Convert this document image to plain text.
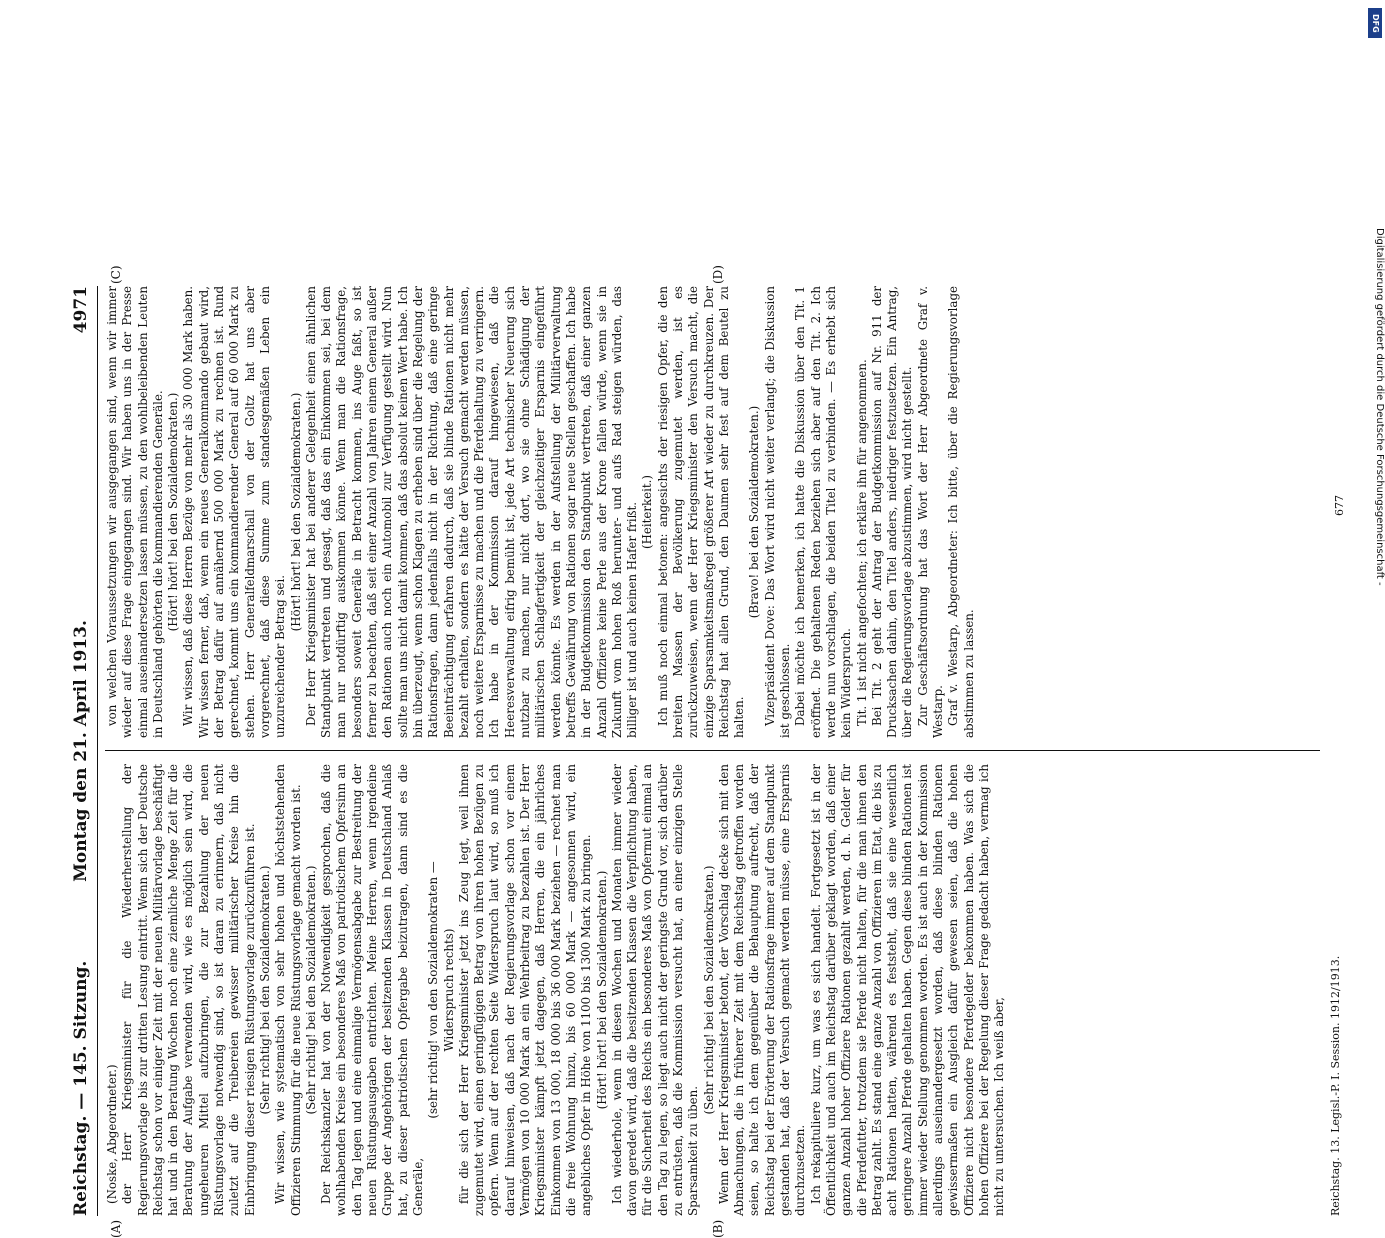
Reichstag. — 145. Sitzung.
Montag den 21. April 1913.
4971

(Noske, Abgeordneter.) der Herr Kriegsminister für die Wiederherstellung der Regierungsvorlage bis zur dritten Lesung eintritt. Wenn sich der Deutsche Reichstag schon vor einiger Zeit mit der neuen Militärvorlage beschäftigt hat und in den Beratung Wochen noch eine ziemliche Menge Zeit für die Beratung der Aufgabe verwenden wird, wie es möglich sein wird, die ungeheuren Mittel aufzubringen, die zur Bezahlung der neuen Rüstungsvorlage notwendig sind, so ist daran zu erinnern, daß nicht zuletzt auf die Treibereien gewisser militärischer Kreise hin die Einbringung dieser riesigen Rüstungsvorlage zurückzuführen ist. (Sehr richtig! bei den Sozialdemokraten.) Wir wissen, wie systematisch von sehr hohen und höchststehenden Offizieren Stimmung für die neue Rüstungsvorlage gemacht worden ist. (Sehr richtig! bei den Sozialdemokraten.) Der Reichskanzler hat von der Notwendigkeit gesprochen, daß die wohlhabenden Kreise ein besonderes Maß von patriotischem Opfersinn an den Tag legen und eine einmalige Vermögensabgabe zur Bestreitung der neuen Rüstungsausgaben entrichten. Meine Herren, wenn irgendeine Gruppe der Angehörigen der besitzenden Klassen in Deutschland Anlaß hat, zu dieser patriotischen Opfergabe beizutragen, dann sind es die Generäle,

(sehr richtig! von den Sozialdemokraten — Widerspruch rechts) für die sich der Herr Kriegsminister jetzt ins Zeug legt, weil ihnen zugemutet wird, einen geringfügigen Betrag von ihren hohen Bezügen zu opfern. Wenn auf der rechten Seite Widerspruch laut wird, so muß ich darauf hinweisen, daß nach der Regierungsvorlage schon vor einem Vermögen von 10 000 Mark an ein Wehrbeitrag zu bezahlen ist. Der Herr Kriegsminister kämpft jetzt dagegen, daß Herren, die ein jährliches Einkommen von 13 000, 18 000 bis 36 000 Mark beziehen — rechnet man die freie Wohnung hinzu, bis 60 000 Mark — angesonnen wird, ein angebliches Opfer in Höhe von 1100 bis 1300 Mark zu bringen. (Hört! hört! bei den Sozialdemokraten.) Ich wiederhole, wenn in diesen Wochen und Monaten immer wieder davon geredet wird, daß die besitzenden Klassen die Verpflichtung haben, für die Sicherheit des Reichs ein besonderes Maß von Opfermut einmal an den Tag zu legen, so liegt auch nicht der geringste Grund vor, sich darüber zu entrüsten, daß die Kommission versucht hat, an einer einzigen Stelle Sparsamkeit zu üben.

(Sehr richtig! bei den Sozialdemokraten.) Wenn der Herr Kriegsminister betont, der Vorschlag decke sich mit den Abmachungen, die in früherer Zeit mit dem Reichstag getroffen worden seien, so halte ich dem gegenüber die Behauptung aufrecht, daß der Reichstag bei der Erörterung der Rationsfrage immer auf dem Standpunkt gestanden hat, daß der Versuch gemacht werden müsse, eine Ersparnis durchzusetzen. Ich rekapituliere kurz, um was es sich handelt. Fortgesetzt ist in der Öffentlichkeit und auch im Reichstag darüber geklagt worden, daß einer ganzen Anzahl hoher Offiziere Rationen gezahlt werden, d. h. Gelder für die Pferdefutter, trotzdem sie Pferde nicht halten, für die man ihnen den Betrag zahlt. Es stand eine ganze Anzahl von Offizieren im Etat, die bis zu acht Rationen hatten, während es feststeht, daß sie eine wesentlich geringere Anzahl Pferde gehalten haben. Gegen diese blinden Rationen ist immer wieder Stellung genommen worden. Es ist auch in der Kommission allerdings auseinandergesetzt worden, daß diese blinden Rationen gewissermaßen ein Ausgleich dafür gewesen seien, daß die hohen Offiziere nicht besondere Pferdegelder bekommen haben. Was sich die hohen Offiziere bei der Regelung dieser Frage gedacht haben, vermag ich nicht zu untersuchen. Ich weiß aber,

von welchen Voraussetzungen wir ausgegangen sind, wenn wir immer wieder auf diese Frage eingegangen sind. Wir haben uns in der Presse einmal auseinandersetzen lassen müssen, zu den wohlbeleibenden Leuten in Deutschland gehörten die kommandierenden Generäle. (Hört! hört! bei den Sozialdemokraten.) Wir wissen, daß diese Herren Bezüge von mehr als 30 000 Mark haben. Wir wissen ferner, daß, wenn ein neues Generalkommando gebaut wird, der Betrag dafür auf annähernd 500 000 Mark zu rechnen ist. Rund gerechnet, kommt uns ein kommandierender General auf 60 000 Mark zu stehen. Herr Generalfeldmarschall von der Goltz hat uns aber vorgerechnet, daß diese Summe zum standesgemäßen Leben ein unzureichender Betrag sei.

(Hört! hört! bei den Sozialdemokraten.) Der Herr Kriegsminister hat bei anderer Gelegenheit einen ähnlichen Standpunkt vertreten und gesagt, daß das ein Einkommen sei, bei dem man nur notdürftig auskommen könne. Wenn man die Rationsfrage, besonders soweit Generäle in Betracht kommen, ins Auge faßt, so ist ferner zu beachten, daß seit einer Anzahl von Jahren einem General außer den Rationen auch noch ein Automobil zur Verfügung gestellt wird. Nun sollte man uns nicht damit kommen, daß das absolut keinen Wert habe. Ich bin überzeugt, wenn schon Klagen zu erheben sind über die Regelung der Rationsfragen, dann jedenfalls nicht in der Richtung, daß eine geringe Beeinträchtigung erfahren dadurch, daß sie blinde Rationen nicht mehr bezahlt erhalten, sondern es hätte der Versuch gemacht werden müssen, noch weitere Ersparnisse zu machen und die Pferdehaltung zu verringern. Ich habe in der Kommission darauf hingewiesen, daß die Heeresverwaltung eifrig bemüht ist, jede Art technischer Neuerung sich nutzbar zu machen, nur nicht dort, wo sie ohne Schädigung der militärischen Schlagfertigkeit der gleichzeitiger Ersparnis eingeführt werden könnte. Es werden in der Aufstellung der Militärverwaltung betreffs Gewährung von Rationen sogar neue Stellen geschaffen. Ich habe in der Budgetkommission den Standpunkt vertreten, daß einer ganzen Anzahl Offiziere keine Perle aus der Krone fallen würde, wenn sie in Zukunft vom hohen Roß herunter- und aufs Rad steigen würden, das billiger ist und auch keinen Hafer frißt. (Heiterkeit.) Ich muß noch einmal betonen: angesichts der riesigen Opfer, die den breiten Massen der Bevölkerung zugemutet werden, ist es zurückzuweisen, wenn der Herr Kriegsminister den Versuch macht, die einzige Sparsamkeitsmaßregel größerer Art wieder zu durchkreuzen. Der Reichstag hat allen Grund, den Daumen sehr fest auf dem Beutel zu halten.

(Bravo! bei den Sozialdemokraten.) Vizepräsident Dove: Das Wort wird nicht weiter verlangt; die Diskussion ist geschlossen. Dabei möchte ich bemerken, ich hatte die Diskussion über den Tit. 1 eröffnet. Die gehaltenen Reden beziehen sich aber auf den Tit. 2. Ich werde nun vorschlagen, die beiden Titel zu verbinden. — Es erhebt sich kein Widerspruch. Tit. 1 ist nicht angefochten; ich erkläre ihn für angenommen. Bei Tit. 2 geht der Antrag der Budgetkommission auf Nr. 911 der Drucksachen dahin, den Titel anders, niedriger festzusetzen. Ein Antrag, über die Regierungsvorlage abzustimmen, wird nicht gestellt. Zur Geschäftsordnung hat das Wort der Herr Abgeordnete Graf v. Westarp. Graf v. Westarp, Abgeordneter: Ich bitte, über die Regierungsvorlage abstimmen zu lassen.

(A)	(B)
(C)	(D)
Reichstag. 13. Legisl.-P. I. Session. 1912/1913.
677
DFG
Digitalisierung gefördert durch die Deutsche Forschungsgemeinschaft -
